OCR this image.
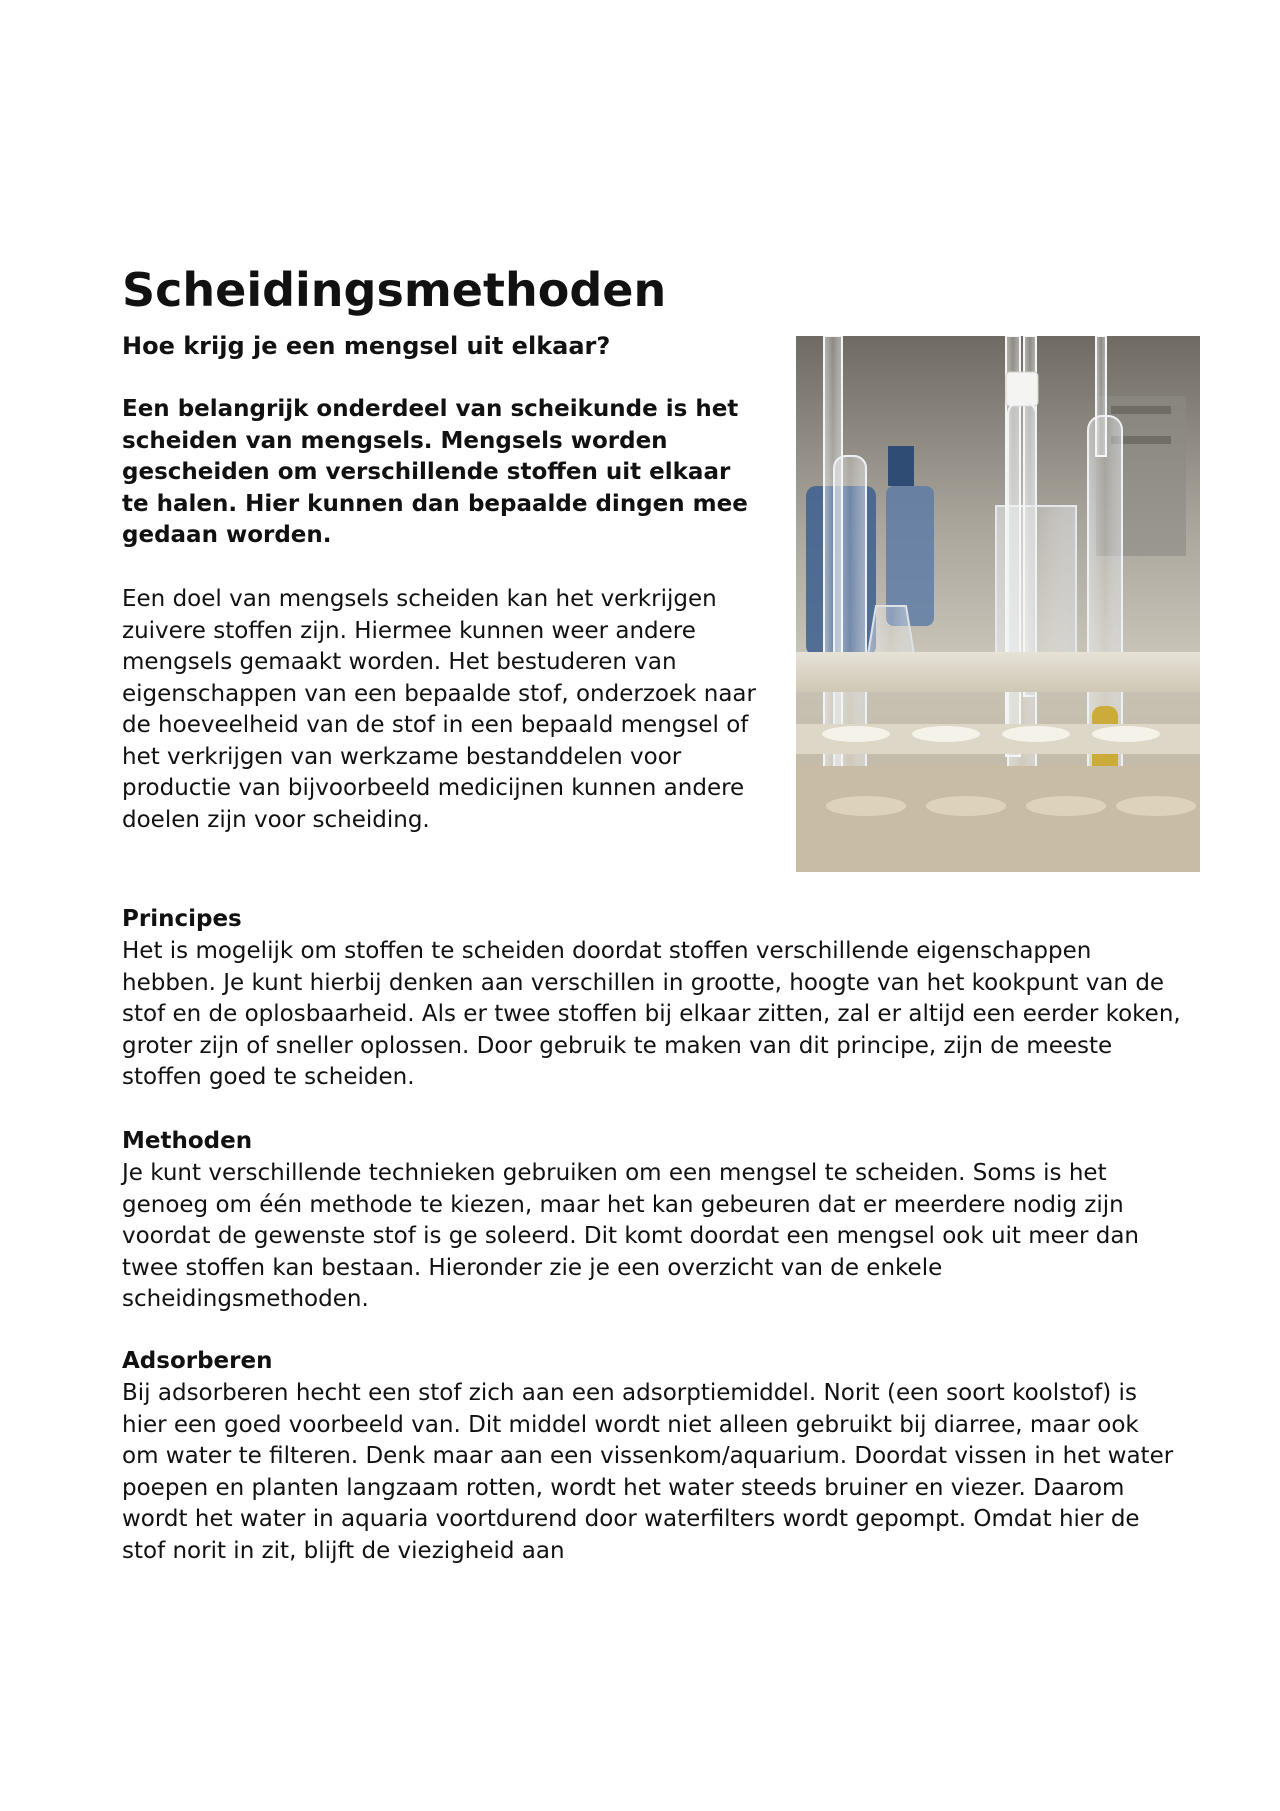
Scheidingsmethoden
Hoe krijg je een mengsel uit elkaar?

Een belangrijk onderdeel van scheikunde is het scheiden van mengsels. Mengsels worden gescheiden om verschillende stoffen uit elkaar te halen. Hier kunnen dan bepaalde dingen mee gedaan worden.

Een doel van mengsels scheiden kan het verkrijgen zuivere stoffen zijn. Hiermee kunnen weer andere mengsels gemaakt worden. Het bestuderen van eigenschappen van een bepaalde stof, onderzoek naar de hoeveelheid van de stof in een bepaald mengsel of het verkrijgen van werkzame bestanddelen voor productie van bijvoorbeeld medicijnen kunnen andere doelen zijn voor scheiding.

Principes

Het is mogelijk om stoffen te scheiden doordat stoffen verschillende eigenschappen hebben. Je kunt hierbij denken aan verschillen in grootte, hoogte van het kookpunt van de stof en de oplosbaarheid. Als er twee stoffen bij elkaar zitten, zal er altijd een eerder koken, groter zijn of sneller oplossen. Door gebruik te maken van dit principe, zijn de meeste stoffen goed te scheiden.

Methoden

Je kunt verschillende technieken gebruiken om een mengsel te scheiden. Soms is het genoeg om één methode te kiezen, maar het kan gebeuren dat er meerdere nodig zijn voordat de gewenste stof is ge soleerd. Dit komt doordat een mengsel ook uit meer dan twee stoffen kan bestaan. Hieronder zie je een overzicht van de enkele scheidingsmethoden.

Adsorberen

Bij adsorberen hecht een stof zich aan een adsorptiemiddel. Norit (een soort koolstof) is hier een goed voorbeeld van. Dit middel wordt niet alleen gebruikt bij diarree, maar ook om water te filteren. Denk maar aan een vissenkom/aquarium. Doordat vissen in het water poepen en planten langzaam rotten, wordt het water steeds bruiner en viezer. Daarom wordt het water in aquaria voortdurend door waterfilters wordt gepompt. Omdat hier de stof norit in zit, blijft de viezigheid aan
